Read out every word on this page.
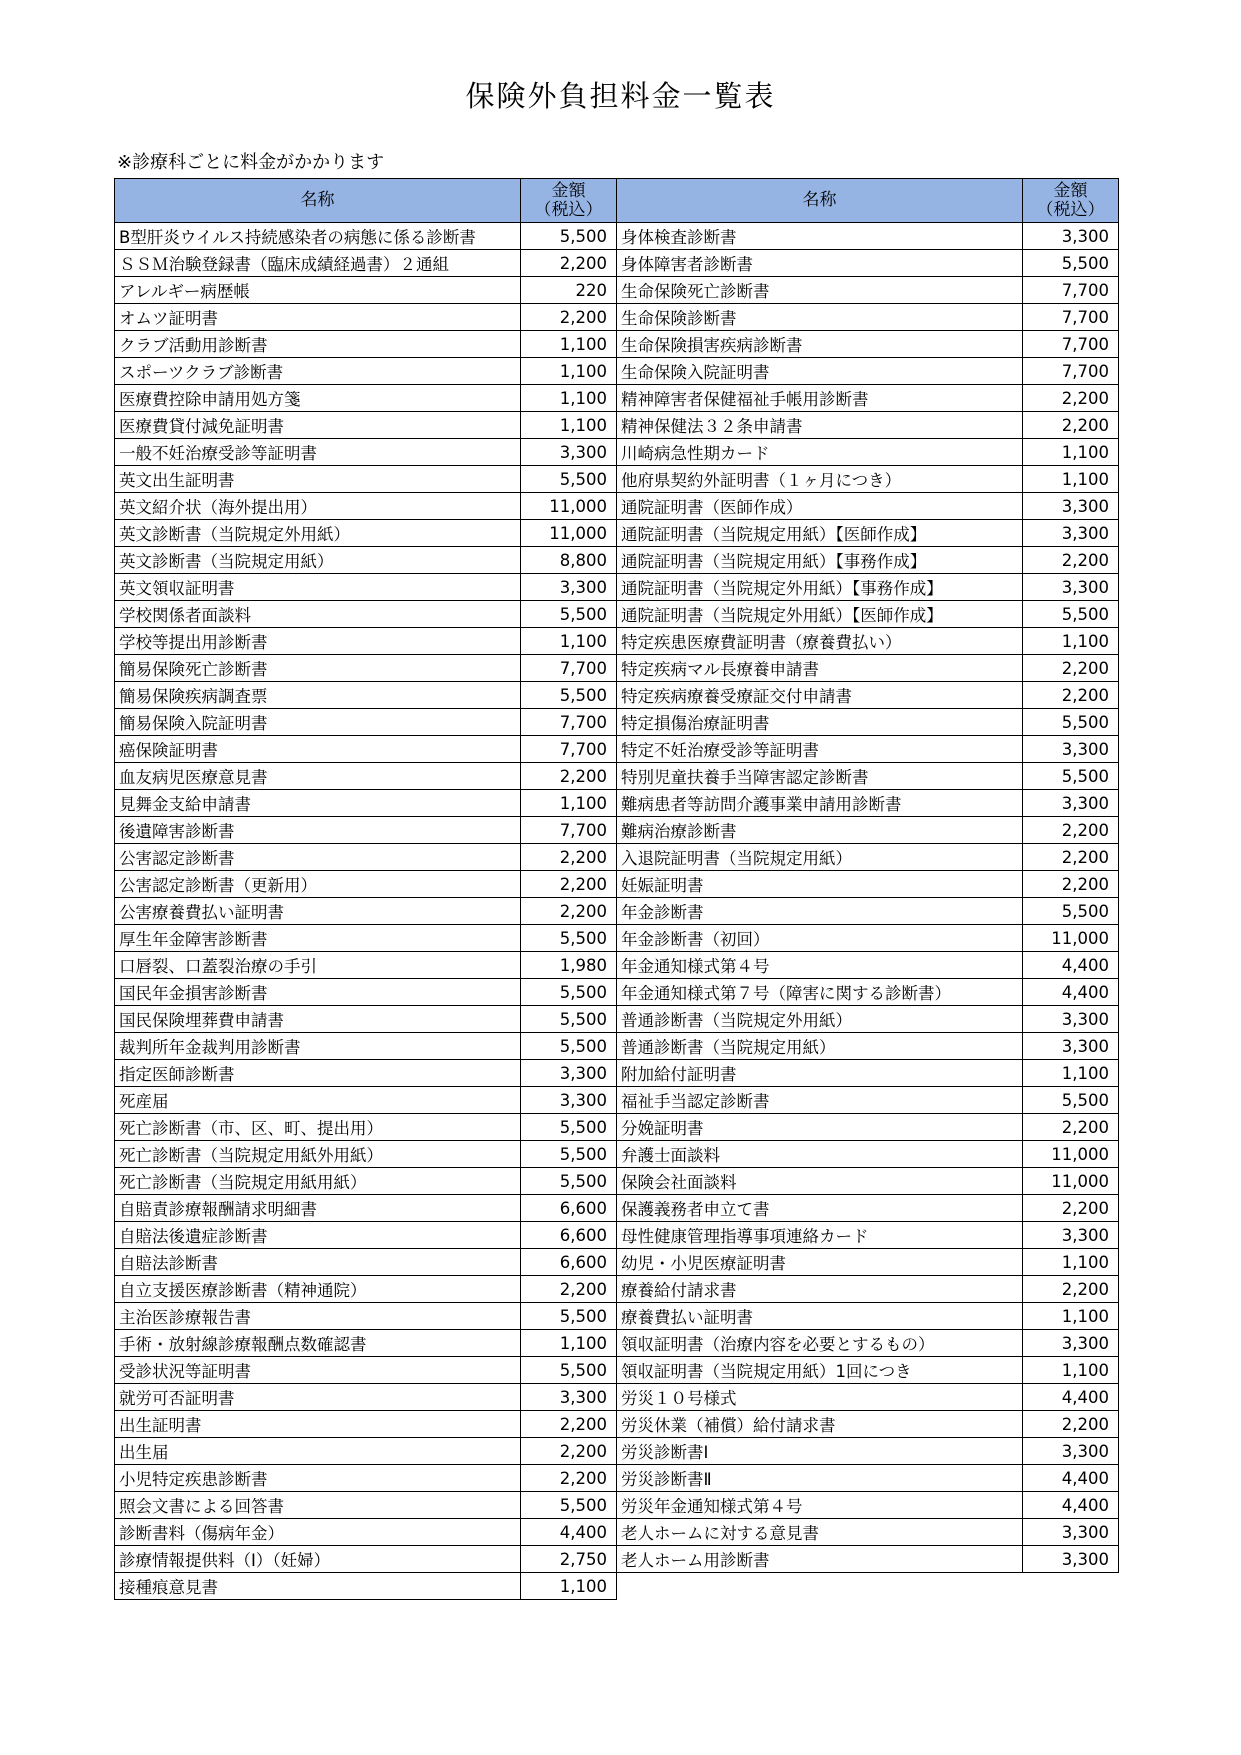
保険外負担料金一覧表
※診療科ごとに料金がかかります
名称	金額
（税込）
B型肝炎ウイルス持続感染者の病態に係る診断書	5,500
ＳＳＭ治験登録書（臨床成績経過書）２通組	2,200
アレルギー病歴帳	220
オムツ証明書	2,200
クラブ活動用診断書	1,100
スポーツクラブ診断書	1,100
医療費控除申請用処方箋	1,100
医療費貸付減免証明書	1,100
一般不妊治療受診等証明書	3,300
英文出生証明書	5,500
英文紹介状（海外提出用）	11,000
英文診断書（当院規定外用紙）	11,000
英文診断書（当院規定用紙）	8,800
英文領収証明書	3,300
学校関係者面談料	5,500
学校等提出用診断書	1,100
簡易保険死亡診断書	7,700
簡易保険疾病調査票	5,500
簡易保険入院証明書	7,700
癌保険証明書	7,700
血友病児医療意見書	2,200
見舞金支給申請書	1,100
後遺障害診断書	7,700
公害認定診断書	2,200
公害認定診断書（更新用）	2,200
公害療養費払い証明書	2,200
厚生年金障害診断書	5,500
口唇裂、口蓋裂治療の手引	1,980
国民年金損害診断書	5,500
国民保険埋葬費申請書	5,500
裁判所年金裁判用診断書	5,500
指定医師診断書	3,300
死産届	3,300
死亡診断書（市、区、町、提出用）	5,500
死亡診断書（当院規定用紙外用紙）	5,500
死亡診断書（当院規定用紙用紙）	5,500
自賠責診療報酬請求明細書	6,600
自賠法後遺症診断書	6,600
自賠法診断書	6,600
自立支援医療診断書（精神通院）	2,200
主治医診療報告書	5,500
手術・放射線診療報酬点数確認書	1,100
受診状況等証明書	5,500
就労可否証明書	3,300
出生証明書	2,200
出生届	2,200
小児特定疾患診断書	2,200
照会文書による回答書	5,500
診断書料（傷病年金）	4,400
診療情報提供料（Ⅰ）（妊婦）	2,750
接種痕意見書	1,100
名称	金額
（税込）
身体検査診断書	3,300
身体障害者診断書	5,500
生命保険死亡診断書	7,700
生命保険診断書	7,700
生命保険損害疾病診断書	7,700
生命保険入院証明書	7,700
精神障害者保健福祉手帳用診断書	2,200
精神保健法３２条申請書	2,200
川崎病急性期カード	1,100
他府県契約外証明書（１ヶ月につき）	1,100
通院証明書（医師作成）	3,300
通院証明書（当院規定用紙）【医師作成】	3,300
通院証明書（当院規定用紙）【事務作成】	2,200
通院証明書（当院規定外用紙）【事務作成】	3,300
通院証明書（当院規定外用紙）【医師作成】	5,500
特定疾患医療費証明書（療養費払い）	1,100
特定疾病マル長療養申請書	2,200
特定疾病療養受療証交付申請書	2,200
特定損傷治療証明書	5,500
特定不妊治療受診等証明書	3,300
特別児童扶養手当障害認定診断書	5,500
難病患者等訪問介護事業申請用診断書	3,300
難病治療診断書	2,200
入退院証明書（当院規定用紙）	2,200
妊娠証明書	2,200
年金診断書	5,500
年金診断書（初回）	11,000
年金通知様式第４号	4,400
年金通知様式第７号（障害に関する診断書）	4,400
普通診断書（当院規定外用紙）	3,300
普通診断書（当院規定用紙）	3,300
附加給付証明書	1,100
福祉手当認定診断書	5,500
分娩証明書	2,200
弁護士面談料	11,000
保険会社面談料	11,000
保護義務者申立て書	2,200
母性健康管理指導事項連絡カード	3,300
幼児・小児医療証明書	1,100
療養給付請求書	2,200
療養費払い証明書	1,100
領収証明書（治療内容を必要とするもの）	3,300
領収証明書（当院規定用紙）1回につき	1,100
労災１０号様式	4,400
労災休業（補償）給付請求書	2,200
労災診断書Ⅰ	3,300
労災診断書Ⅱ	4,400
労災年金通知様式第４号	4,400
老人ホームに対する意見書	3,300
老人ホーム用診断書	3,300
